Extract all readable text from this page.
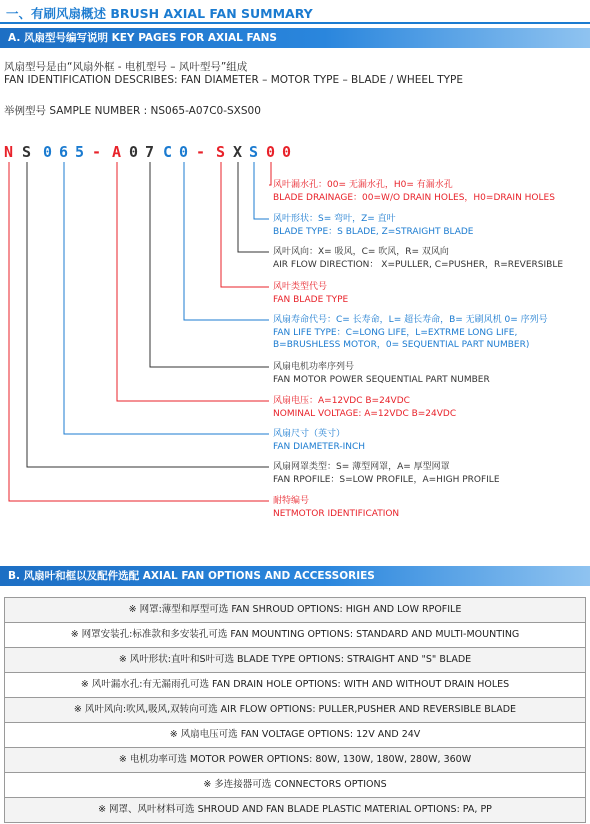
一、有刷风扇概述 BRUSH AXIAL FAN SUMMARY
A. 风扇型号编写说明 KEY PAGES FOR AXIAL FANS
风扇型号是由“风扇外框 - 电机型号 – 风叶型号”组成
FAN IDENTIFICATION DESCRIBES: FAN DIAMETER – MOTOR TYPE – BLADE / WHEEL TYPE
举例型号 SAMPLE NUMBER : NS065-A07C0-SXS00
N S 0 6 5 - A 0 7 C 0 - S X S 0 0
风叶漏水孔：00= 无漏水孔，H0= 有漏水孔
BLADE DRAINAGE：00=W/O DRAIN HOLES，H0=DRAIN HOLES
风叶形状：S= 弯叶，Z= 直叶
BLADE TYPE：S BLADE, Z=STRAIGHT BLADE
风叶风向：X= 吸风，C= 吹风，R= 双风向
AIR FLOW DIRECTION： X=PULLER, C=PUSHER，R=REVERSIBLE
风叶类型代号
FAN BLADE TYPE
风扇寿命代号：C= 长寿命，L= 超长寿命，B= 无刷风机 0= 序列号
FAN LIFE TYPE：C=LONG LIFE，L=EXTRME LONG LIFE,
B=BRUSHLESS MOTOR，0= SEQUENTIAL PART NUMBER)
风扇电机功率序列号
FAN MOTOR POWER SEQUENTIAL PART NUMBER
风扇电压：A=12VDC B=24VDC
NOMINAL VOLTAGE: A=12VDC B=24VDC
风扇尺寸（英寸）
FAN DIAMETER-INCH
风扇网罩类型：S= 薄型网罩，A= 厚型网罩
FAN RPOFILE：S=LOW PROFILE，A=HIGH PROFILE
耐特编号
NETMOTOR IDENTIFICATION
B. 风扇叶和框以及配件选配 AXIAL FAN OPTIONS AND ACCESSORIES
※ 网罩:薄型和厚型可选 FAN SHROUD OPTIONS: HIGH AND LOW RPOFILE
※ 网罩安装孔:标准款和多安装孔可选 FAN MOUNTING OPTIONS: STANDARD AND MULTI-MOUNTING
※ 风叶形状:直叶和S叶可选 BLADE TYPE OPTIONS: STRAIGHT AND "S" BLADE
※ 风叶漏水孔:有无漏雨孔可选 FAN DRAIN HOLE OPTIONS: WITH AND WITHOUT DRAIN HOLES
※ 风叶风向:吹风,吸风,双转向可选 AIR FLOW OPTIONS: PULLER,PUSHER AND REVERSIBLE BLADE
※ 风扇电压可选 FAN VOLTAGE OPTIONS: 12V AND 24V
※ 电机功率可选 MOTOR POWER OPTIONS: 80W, 130W, 180W, 280W, 360W
※ 多连接器可选 CONNECTORS OPTIONS
※ 网罩、风叶材料可选 SHROUD AND FAN BLADE PLASTIC MATERIAL OPTIONS: PA, PP
